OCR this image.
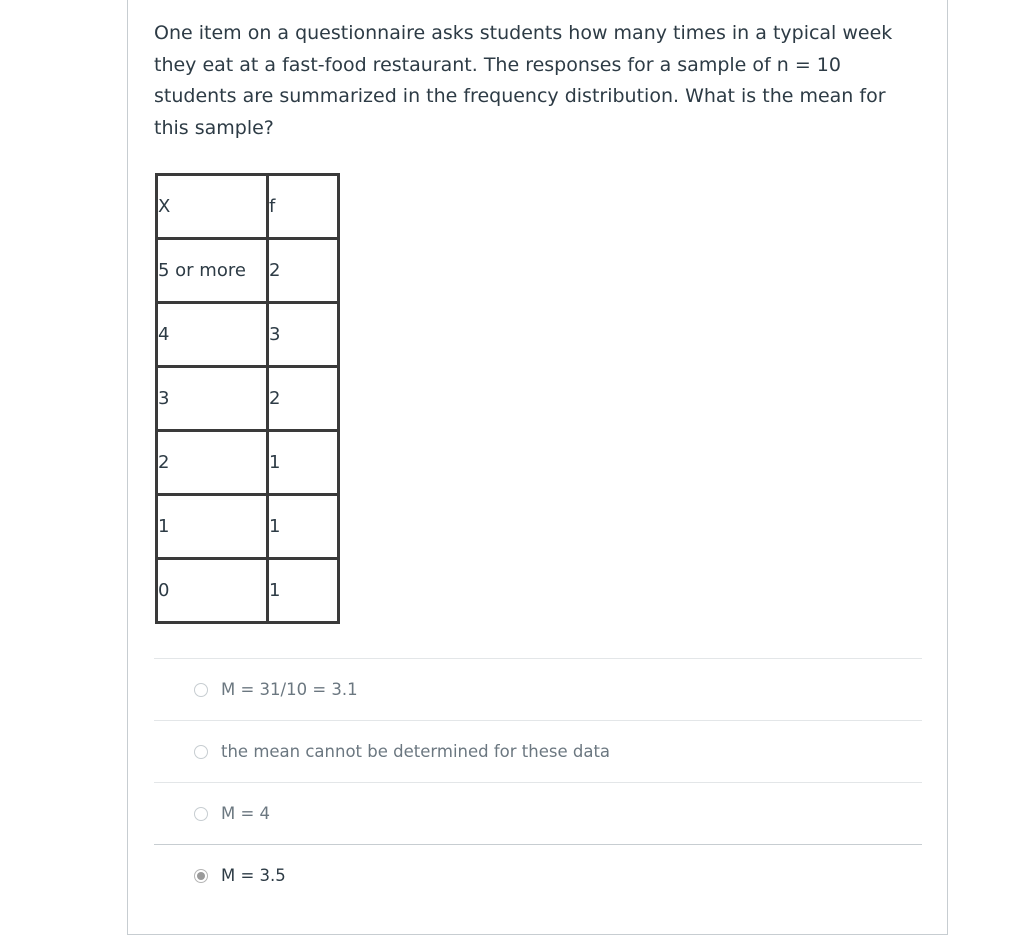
One item on a questionnaire asks students how many times in a typical week they eat at a fast-food restaurant. The responses for a sample of n = 10 students are summarized in the frequency distribution. What is the mean for this sample?

X	f
5 or more	2
4	3
3	2
2	1
1	1
0	1
M = 31/10 = 3.1
the mean cannot be determined for these data
M = 4
M = 3.5
